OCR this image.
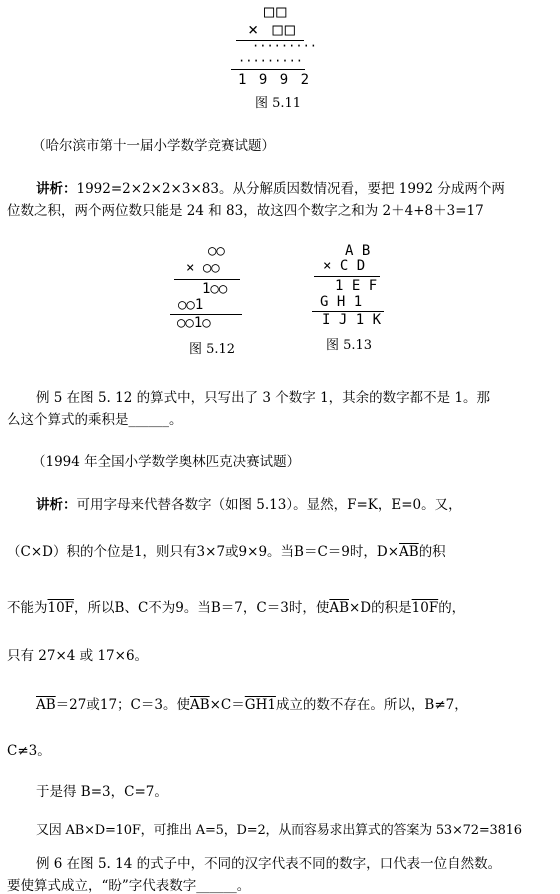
□□
× □□
·········
·········
1 9 9 2
图 5.11
（哈尔滨市第十一届小学数学竞赛试题）
讲析：1992=2×2×2×3×83。从分解质因数情况看，要把 1992 分成两个两
位数之积，两个两位数只能是 24 和 83，故这四个数字之和为 2＋4+8＋3=17
○○
× ○○
1○○
○○1
○○1○
图 5.12
A B
× C D
1 E F
G H 1
I J 1 K
图 5.13
例 5 在图 5. 12 的算式中，只写出了 3 个数字 1，其余的数字都不是 1。那
么这个算式的乘积是______。
（1994 年全国小学数学奥林匹克决赛试题）
讲析：可用字母来代替各数字（如图 5.13）。显然，F=K，E=0。又，
（C×D）积的个位是1，则只有3×7或9×9。当B＝C＝9时，$D\times\overline{AB}$的积
不能为10F，所以B、C不为9。当B＝7，C＝3时，使$\overline{AB}\times D$的积是10F的，
只有 27×4 或 17×6。
$\overline{AB}=27$或17；C＝3。使$\overline{AB}\times C=GH1$成立的数不存在。所以，B≠7，
C≠3。
于是得 B=3，C=7。
又因 AB×D=10F，可推出 A=5，D=2，从而容易求出算式的答案为 53×72=3816
例 6 在图 5. 14 的式子中，不同的汉字代表不同的数字，口代表一位自然数。
要使算式成立，“盼”字代表数字______。
